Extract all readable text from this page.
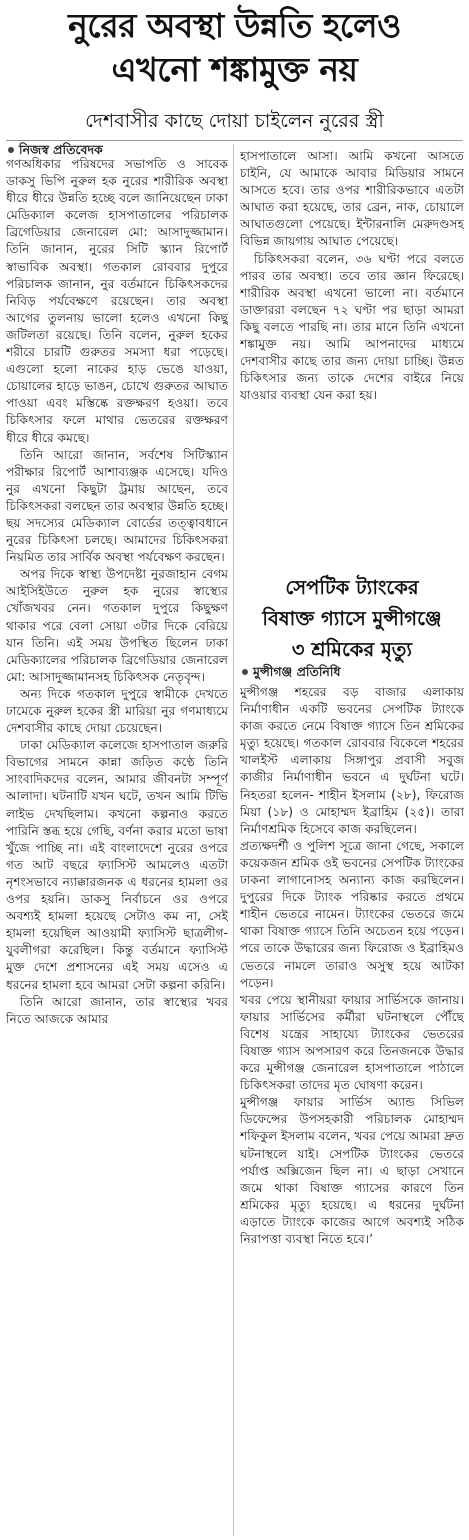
নুরের অবস্থা উন্নতি হলেও
এখনো শঙ্কামুক্ত নয়
দেশবাসীর কাছে দোয়া চাইলেন নুরের স্ত্রী
নিজস্ব প্রতিবেদক

গণঅধিকার পরিষদের সভাপতি ও সাবেক ডাকসু ভিপি নুরুল হক নুরের শারীরিক অবস্থা ধীরে ধীরে উন্নতি হচ্ছে বলে জানিয়েছেন ঢাকা মেডিক্যাল কলেজ হাসপাতালের পরিচালক ব্রিগেডিয়ার জেনারেল মো: আসাদুজ্জামান। তিনি জানান, নুরের সিটি স্ক্যান রিপোর্ট স্বাভাবিক অবস্থা। গতকাল রোববার দুপুরে পরিচালক জানান, নুর বর্তমানে চিকিৎসকদের নিবিড় পর্যবেক্ষণে রয়েছেন। তার অবস্থা আগের তুলনায় ভালো হলেও এখনো কিছু জটিলতা রয়েছে। তিনি বলেন, নুরুল হকের শরীরে চারটি গুরুতর সমস্যা ধরা পড়েছে। এগুলো হলো নাকের হাড় ভেঙে যাওয়া, চোয়ালের হাড়ে ভাঙন, চোখে গুরুতর আঘাত পাওয়া এবং মস্তিষ্কে রক্তক্ষরণ হওয়া। তবে চিকিৎসার ফলে মাথার ভেতরের রক্তক্ষরণ ধীরে ধীরে কমছে।

তিনি আরো জানান, সর্বশেষ সিটিস্ক্যান পরীক্ষার রিপোর্ট আশাব্যঞ্জক এসেছে। যদিও নুর এখনো কিছুটা ট্রমায় আছেন, তবে চিকিৎসকরা বলছেন তার অবস্থার উন্নতি হচ্ছে। ছয় সদস্যের মেডিক্যাল বোর্ডের তত্ত্বাবধানে নুরের চিকিৎসা চলছে। আমাদের চিকিৎসকরা নিয়মিত তার সার্বিক অবস্থা পর্যবেক্ষণ করছেন।

অপর দিকে স্বাস্থ্য উপদেষ্টা নুরজাহান বেগম আইসিইউতে নুরুল হক নুরের স্বাস্থ্যের খোঁজখবর নেন। গতকাল দুপুরে কিছুক্ষণ থাকার পরে বেলা সোয়া ৩টার দিকে বেরিয়ে যান তিনি। এই সময় উপস্থিত ছিলেন ঢাকা মেডিক্যালের পরিচালক ব্রিগেডিয়ার জেনারেল মো: আসাদুজ্জামানসহ চিকিৎসক নেতৃবৃন্দ।

অন্য দিকে গতকাল দুপুরে স্বামীকে দেখতে ঢামেকে নুরুল হকের স্ত্রী মারিয়া নুর গণমাধ্যমে দেশবাসীর কাছে দোয়া চেয়েছেন।

ঢাকা মেডিক্যাল কলেজে হাসপাতাল জরুরি বিভাগের সামনে কান্না জড়িত কণ্ঠে তিনি সাংবাদিকদের বলেন, আমার জীবনটা সম্পূর্ণ আলাদা। ঘটনাটি যখন ঘটে, তখন আমি টিভি লাইভ দেখছিলাম। কখনো কল্পনাও করতে পারিনি স্তব্ধ হয়ে গেছি, বর্ণনা করার মতো ভাষা খুঁজে পাচ্ছি না। এই বাংলাদেশে নুরের ওপরে গত আট বছরে ফ্যাসিস্ট আমলেও এতটা নৃশংসভাবে ন্যাক্কারজনক এ ধরনের হামলা ওর ওপর হয়নি। ডাকসু নির্বাচনে ওর ওপরে অবশ্যই হামলা হয়েছে সেটাও কম না, সেই হামলা হয়েছিল আওয়ামী ফ্যাসিস্ট ছাত্রলীগ-যুবলীগরা করেছিল। কিন্তু বর্তমানে ফ্যাসিস্ট মুক্ত দেশে প্রশাসনের এই সময় এসেও এ ধরনের হামলা হবে আমরা সেটা কল্পনা করিনি।

তিনি আরো জানান, তার স্বাস্থ্যের খবর নিতে আজকে আমার

হাসপাতালে আসা। আমি কখনো আসতে চাইনি, যে আমাকে আবার মিডিয়ার সামনে আসতে হবে। তার ওপর শারীরিকভাবে এতটা আঘাত করা হয়েছে, তার ব্রেন, নাক, চোয়ালে আঘাতগুলো পেয়েছে। ইন্টারনালি মেরুদণ্ডসহ বিভিন্ন জায়গায় আঘাত পেয়েছে।

চিকিৎসকরা বলেন, ৩৬ ঘণ্টা পরে বলতে পারব তার অবস্থা। তবে তার জ্ঞান ফিরেছে। শারীরিক অবস্থা এখনো ভালো না। বর্তমানে ডাক্তাররা বলছেন ৭২ ঘণ্টা পর ছাড়া আমরা কিছু বলতে পারছি না। তার মানে তিনি এখনো শঙ্কামুক্ত নয়। আমি আপনাদের মাধ্যমে দেশবাসীর কাছে তার জন্য দোয়া চাচ্ছি। উন্নত চিকিৎসার জন্য তাকে দেশের বাইরে নিয়ে যাওয়ার ব্যবস্থা যেন করা হয়।

সেপটিক ট্যাংকের
বিষাক্ত গ্যাসে মুন্সীগঞ্জে
৩ শ্রমিকের মৃত্যু
মুন্সীগঞ্জ প্রতিনিধি

মুন্সীগঞ্জ শহরের বড় বাজার এলাকায় নির্মাণাধীন একটি ভবনের সেপটিক ট্যাংকে কাজ করতে নেমে বিষাক্ত গ্যাসে তিন শ্রমিকের মৃত্যু হয়েছে। গতকাল রোববার বিকেলে শহরের খালইস্ট এলাকায় সিঙ্গাপুর প্রবাসী সবুজ কাজীর নির্মাণাধীন ভবনে এ দুর্ঘটনা ঘটে। নিহতরা হলেন- শাহীন ইসলাম (২৮), ফিরোজ মিয়া (১৮) ও মোহাম্মদ ইব্রাহিম (২৫)। তারা নির্মাণশ্রমিক হিসেবে কাজ করছিলেন।

প্রত্যক্ষদর্শী ও পুলিশ সূত্রে জানা গেছে, সকালে কয়েকজন শ্রমিক ওই ভবনের সেপটিক ট্যাংকের ঢাকনা লাগানোসহ অন্যান্য কাজ করছিলেন। দুপুরের দিকে ট্যাংক পরিষ্কার করতে প্রথমে শাহীন ভেতরে নামেন। ট্যাংকের ভেতরে জমে থাকা বিষাক্ত গ্যাসে তিনি অচেতন হয়ে পড়েন। পরে তাকে উদ্ধারের জন্য ফিরোজ ও ইব্রাহিমও ভেতরে নামলে তারাও অসুস্থ হয়ে আটকা পড়েন।

খবর পেয়ে স্থানীয়রা ফায়ার সার্ভিসকে জানায়। ফায়ার সার্ভিসের কর্মীরা ঘটনাস্থলে পৌঁছে বিশেষ যন্ত্রের সাহায্যে ট্যাংকের ভেতরের বিষাক্ত গ্যাস অপসারণ করে তিনজনকে উদ্ধার করে মুন্সীগঞ্জ জেনারেল হাসপাতালে পাঠালে চিকিৎসকরা তাদের মৃত ঘোষণা করেন।

মুন্সীগঞ্জ ফায়ার সার্ভিস অ্যান্ড সিভিল ডিফেন্সের উপসহকারী পরিচালক মোহাম্মদ শফিকুল ইসলাম বলেন, খবর পেয়ে আমরা দ্রুত ঘটনাস্থলে যাই। সেপটিক ট্যাংকের ভেতরে পর্যাপ্ত অক্সিজেন ছিল না। এ ছাড়া সেখানে জমে থাকা বিষাক্ত গ্যাসের কারণে তিন শ্রমিকের মৃত্যু হয়েছে। এ ধরনের দুর্ঘটনা এড়াতে ট্যাংকে কাজের আগে অবশ্যই সঠিক নিরাপত্তা ব্যবস্থা নিতে হবে।’
